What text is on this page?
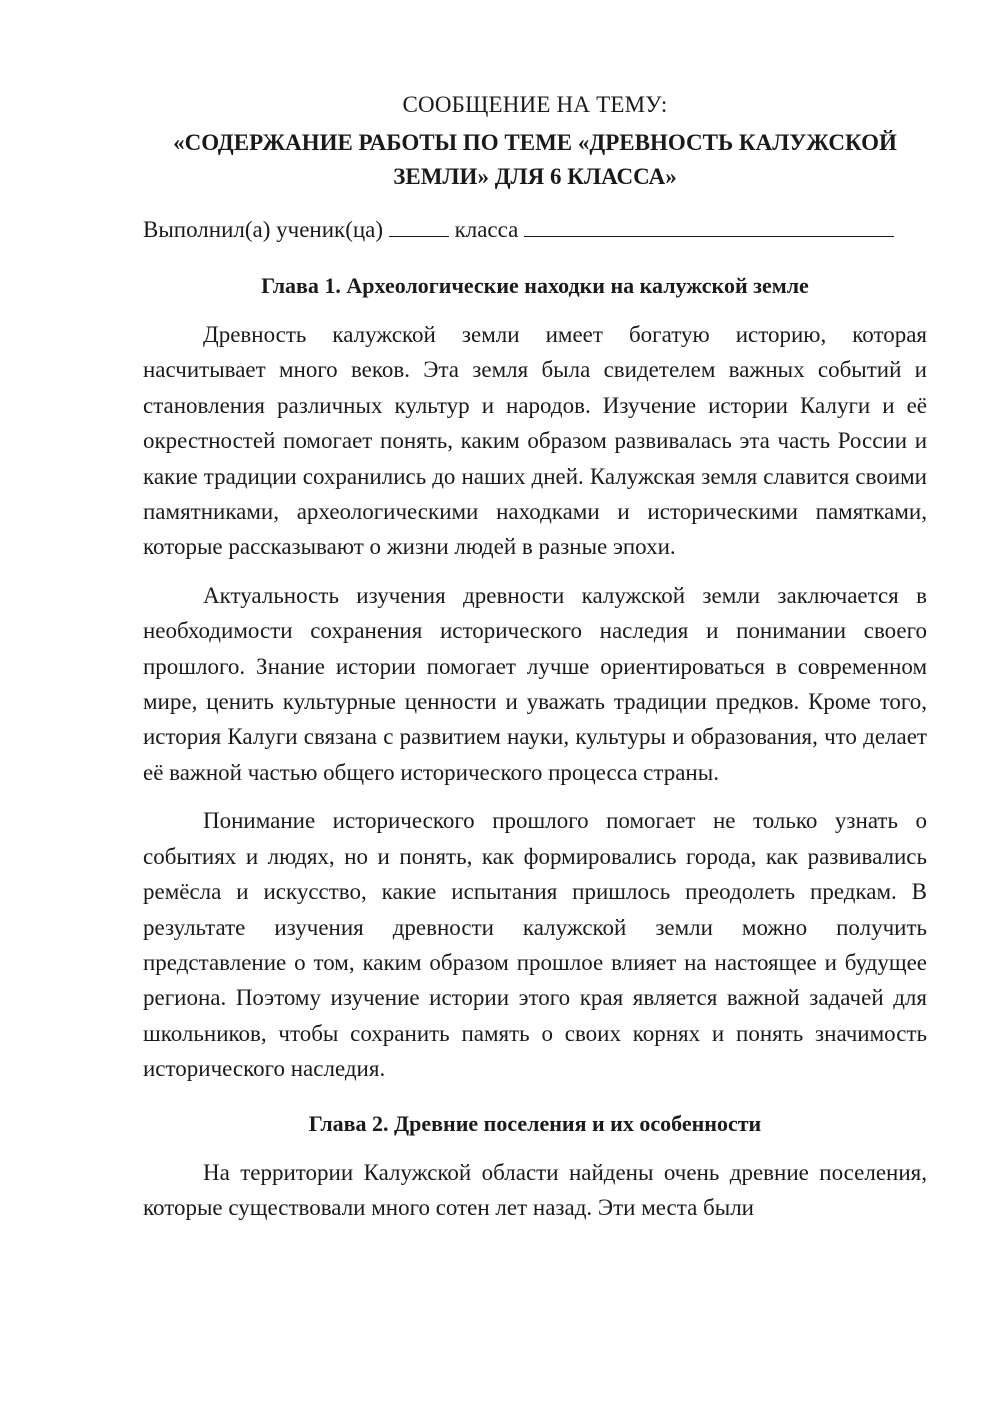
СООБЩЕНИЕ НА ТЕМУ:
«СОДЕРЖАНИЕ РАБОТЫ ПО ТЕМЕ «ДРЕВНОСТЬ КАЛУЖСКОЙ ЗЕМЛИ» ДЛЯ 6 КЛАССА»
Выполнил(а) ученик(ца)	класса
Глава 1. Археологические находки на калужской земле

Древность калужской земли имеет богатую историю, которая насчитывает много веков. Эта земля была свидетелем важных событий и становления различных культур и народов. Изучение истории Калуги и её окрестностей помогает понять, каким образом развивалась эта часть России и какие традиции сохранились до наших дней. Калужская земля славится своими памятниками, археологическими находками и историческими памятками, которые рассказывают о жизни людей в разные эпохи.

Актуальность изучения древности калужской земли заключается в необходимости сохранения исторического наследия и понимании своего прошлого. Знание истории помогает лучше ориентироваться в современном мире, ценить культурные ценности и уважать традиции предков. Кроме того, история Калуги связана с развитием науки, культуры и образования, что делает её важной частью общего исторического процесса страны.

Понимание исторического прошлого помогает не только узнать о событиях и людях, но и понять, как формировались города, как развивались ремёсла и искусство, какие испытания пришлось преодолеть предкам. В результате изучения древности калужской земли можно получить представление о том, каким образом прошлое влияет на настоящее и будущее региона. Поэтому изучение истории этого края является важной задачей для школьников, чтобы сохранить память о своих корнях и понять значимость исторического наследия.

Глава 2. Древние поселения и их особенности

На территории Калужской области найдены очень древние поселения, которые существовали много сотен лет назад. Эти места были
